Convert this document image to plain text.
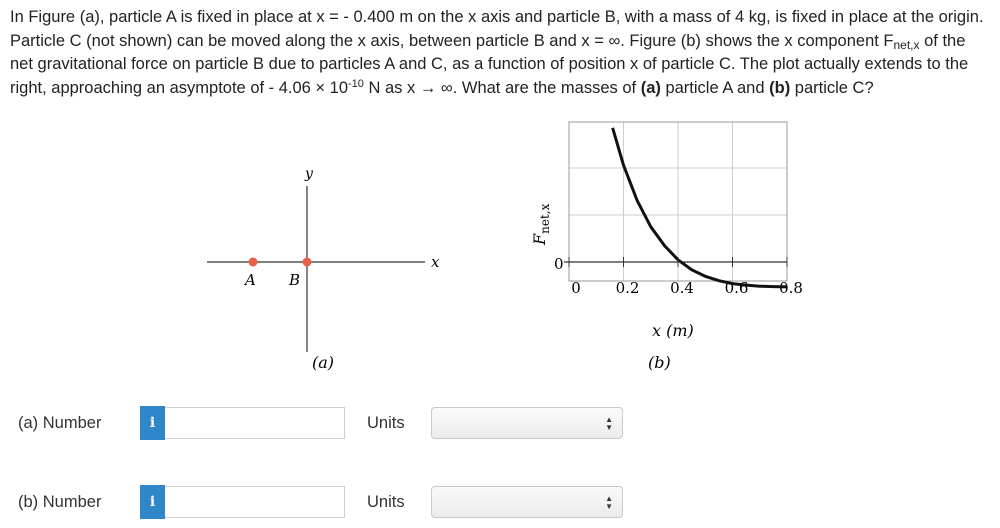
In Figure (a), particle A is fixed in place at x = - 0.400 m on the x axis and particle B, with a mass of 4 kg, is fixed in place at the origin. Particle C (not shown) can be moved along the x axis, between particle B and x = ∞. Figure (b) shows the x component $F_{net,x}$ of the net gravitational force on particle B due to particles A and C, as a function of position x of particle C. The plot actually extends to the right, approaching an asymptote of - $4.06 \times 10^{-10}$ N as x → ∞. What are the masses of (a) particle A and (b) particle C?
y
x
A B
(a)
0 0.2 0.4 0.6 0.8
0
$F_{net,x}$
x (m)
(b)
(a) Number	i	Units	▲
▼
(b) Number	i	Units	▲
▼
